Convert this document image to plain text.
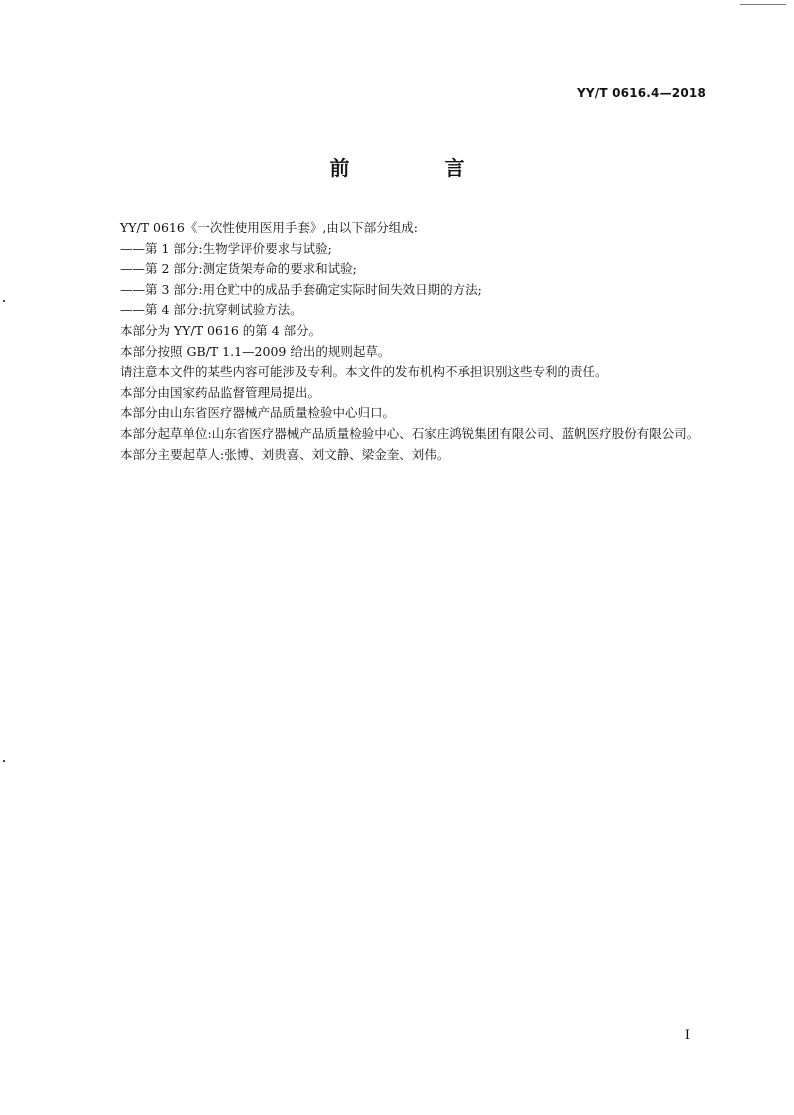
YY/T 0616.4—2018
前 言

YY/T 0616《一次性使用医用手套》,由以下部分组成:

——第 1 部分:生物学评价要求与试验;

——第 2 部分:测定货架寿命的要求和试验;

——第 3 部分:用仓贮中的成品手套确定实际时间失效日期的方法;

——第 4 部分:抗穿刺试验方法。

本部分为 YY/T 0616 的第 4 部分。

本部分按照 GB/T 1.1—2009 给出的规则起草。

请注意本文件的某些内容可能涉及专利。本文件的发布机构不承担识别这些专利的责任。

本部分由国家药品监督管理局提出。

本部分由山东省医疗器械产品质量检验中心归口。

本部分起草单位:山东省医疗器械产品质量检验中心、石家庄鸿锐集团有限公司、蓝帆医疗股份有限公司。

本部分主要起草人:张博、刘贵喜、刘文静、梁金奎、刘伟。

I
